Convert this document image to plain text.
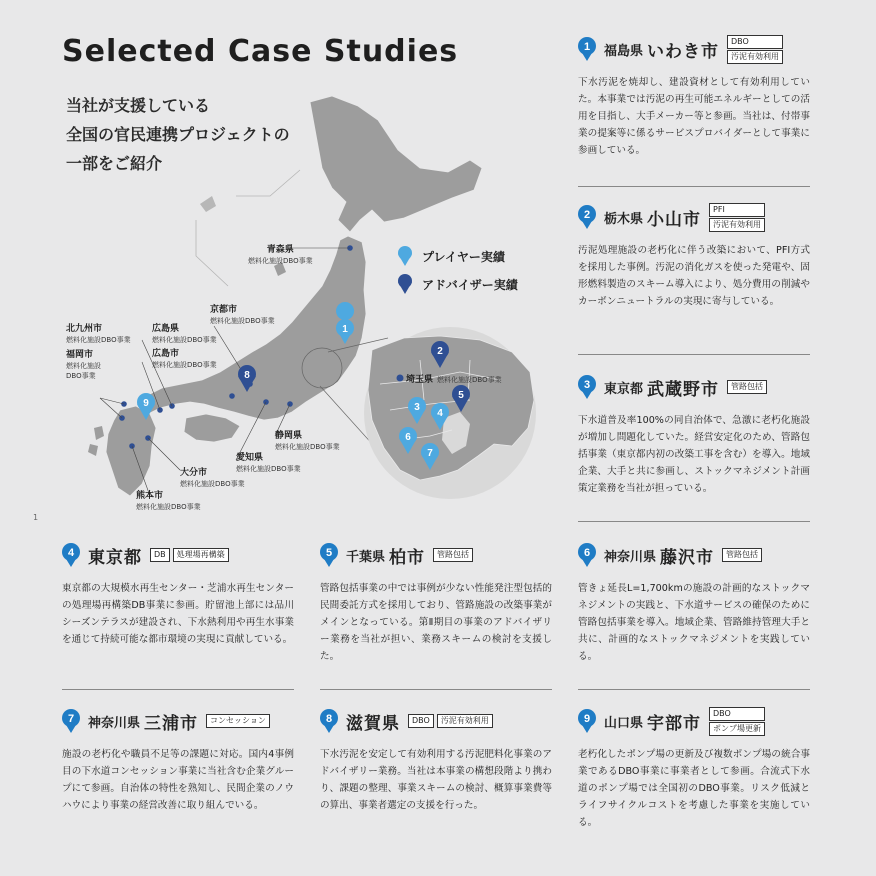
Selected Case Studies
当社が支援している
全国の官民連携プロジェクトの
一部をご紹介
1
1
8
9
2
3
4
5
6
7
プレイヤー実績
アドバイザー実績
青森県
燃料化施設DBO事業
京都市
燃料化施設DBO事業
北九州市
燃料化施設DBO事業
広島県
燃料化施設DBO事業
広島市
燃料化施設DBO事業
福岡市
燃料化施設
DBO事業
静岡県
燃料化施設DBO事業
愛知県
燃料化施設DBO事業
大分市
燃料化施設DBO事業
熊本市
燃料化施設DBO事業
埼玉県 燃料化施設DBO事業
1 福島県 いわき市
DBO
汚泥有効利用
下水汚泥を焼却し、建設資材として有効利用していた。本事業では汚泥の再生可能エネルギーとしての活用を目指し、大手メーカー等と参画。当社は、付帯事業の提案等に係るサービスプロバイダーとして事業に参画している。
2 栃木県 小山市
PFI
汚泥有効利用
汚泥処理施設の老朽化に伴う改築において、PFI方式を採用した事例。汚泥の消化ガスを使った発電や、固形燃料製造のスキーム導入により、処分費用の削減やカーボンニュートラルの実現に寄与している。
3 東京都 武蔵野市	管路包括
下水道普及率100%の同自治体で、急激に老朽化施設が増加し問題化していた。経営安定化のため、管路包括事業（東京都内初の改築工事を含む）を導入。地域企業、大手と共に参画し、ストックマネジメント計画策定業務を当社が担っている。
4 東京都	DB	処理場再構築
東京都の大規模水再生センター・芝浦水再生センターの処理場再構築DB事業に参画。貯留池上部には品川シーズンテラスが建設され、下水熱利用や再生水事業を通じて持続可能な都市環境の実現に貢献している。
5 千葉県 柏市	管路包括
管路包括事業の中では事例が少ない性能発注型包括的民間委託方式を採用しており、管路施設の改築事業がメインとなっている。第Ⅱ期目の事業のアドバイザリー業務を当社が担い、業務スキームの検討を支援した。
6 神奈川県 藤沢市	管路包括
管きょ延長L=1,700kmの施設の計画的なストックマネジメントの実践と、下水道サービスの確保のために管路包括事業を導入。地域企業、管路維持管理大手と共に、計画的なストックマネジメントを実践している。
7 神奈川県 三浦市	コンセッション
施設の老朽化や職員不足等の課題に対応。国内4事例目の下水道コンセッション事業に当社含む企業グループにて参画。自治体の特性を熟知し、民間企業のノウハウにより事業の経営改善に取り組んでいる。
8 滋賀県	DBO	汚泥有効利用
下水汚泥を安定して有効利用する汚泥肥料化事業のアドバイザリー業務。当社は本事業の構想段階より携わり、課題の整理、事業スキームの検討、概算事業費等の算出、事業者選定の支援を行った。
9 山口県 宇部市
DBO
ポンプ場更新
老朽化したポンプ場の更新及び複数ポンプ場の統合事業であるDBO事業に事業者として参画。合流式下水道のポンプ場では全国初のDBO事業。リスク低減とライフサイクルコストを考慮した事業を実施している。
